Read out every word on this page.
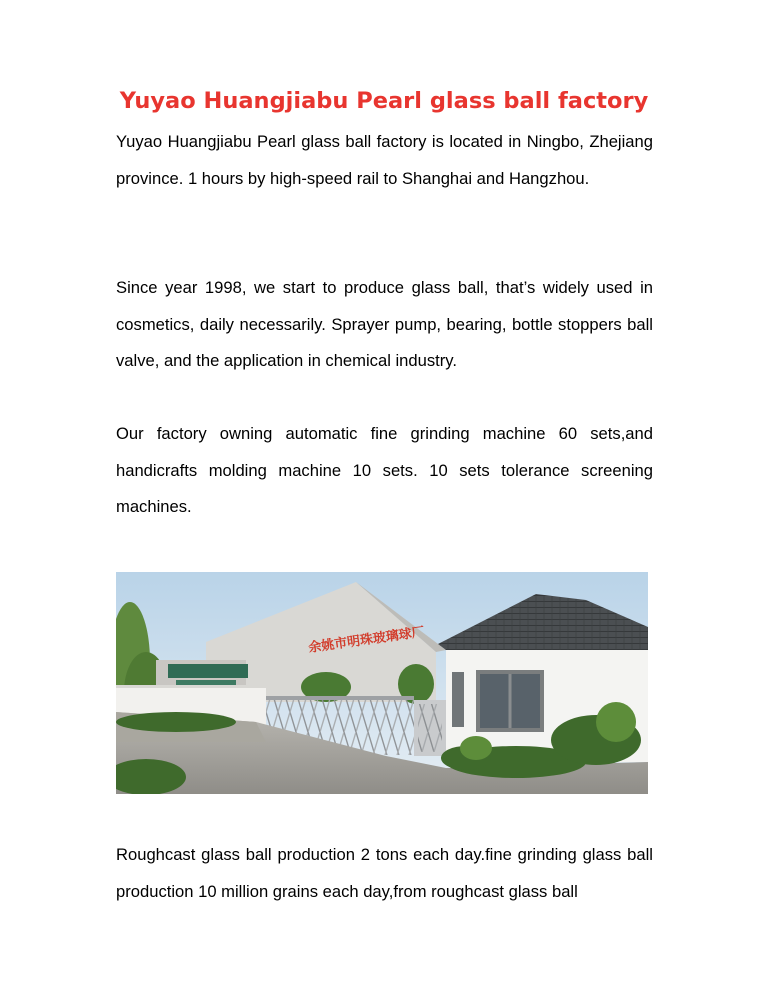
Yuyao Huangjiabu Pearl glass ball factory

Yuyao Huangjiabu Pearl glass ball factory is located in Ningbo, Zhejiang province. 1 hours by high-speed rail to Shanghai and Hangzhou.

Since year 1998, we start to produce glass ball, that’s widely used in cosmetics, daily necessarily. Sprayer pump, bearing, bottle stoppers ball valve, and the application in chemical industry.

Our factory owning automatic fine grinding machine 60 sets,and handicrafts molding machine 10 sets. 10 sets tolerance screening machines.

余姚市明珠玻璃球厂

Roughcast glass ball production 2 tons each day.fine grinding glass ball production 10 million grains each day,from roughcast glass ball
